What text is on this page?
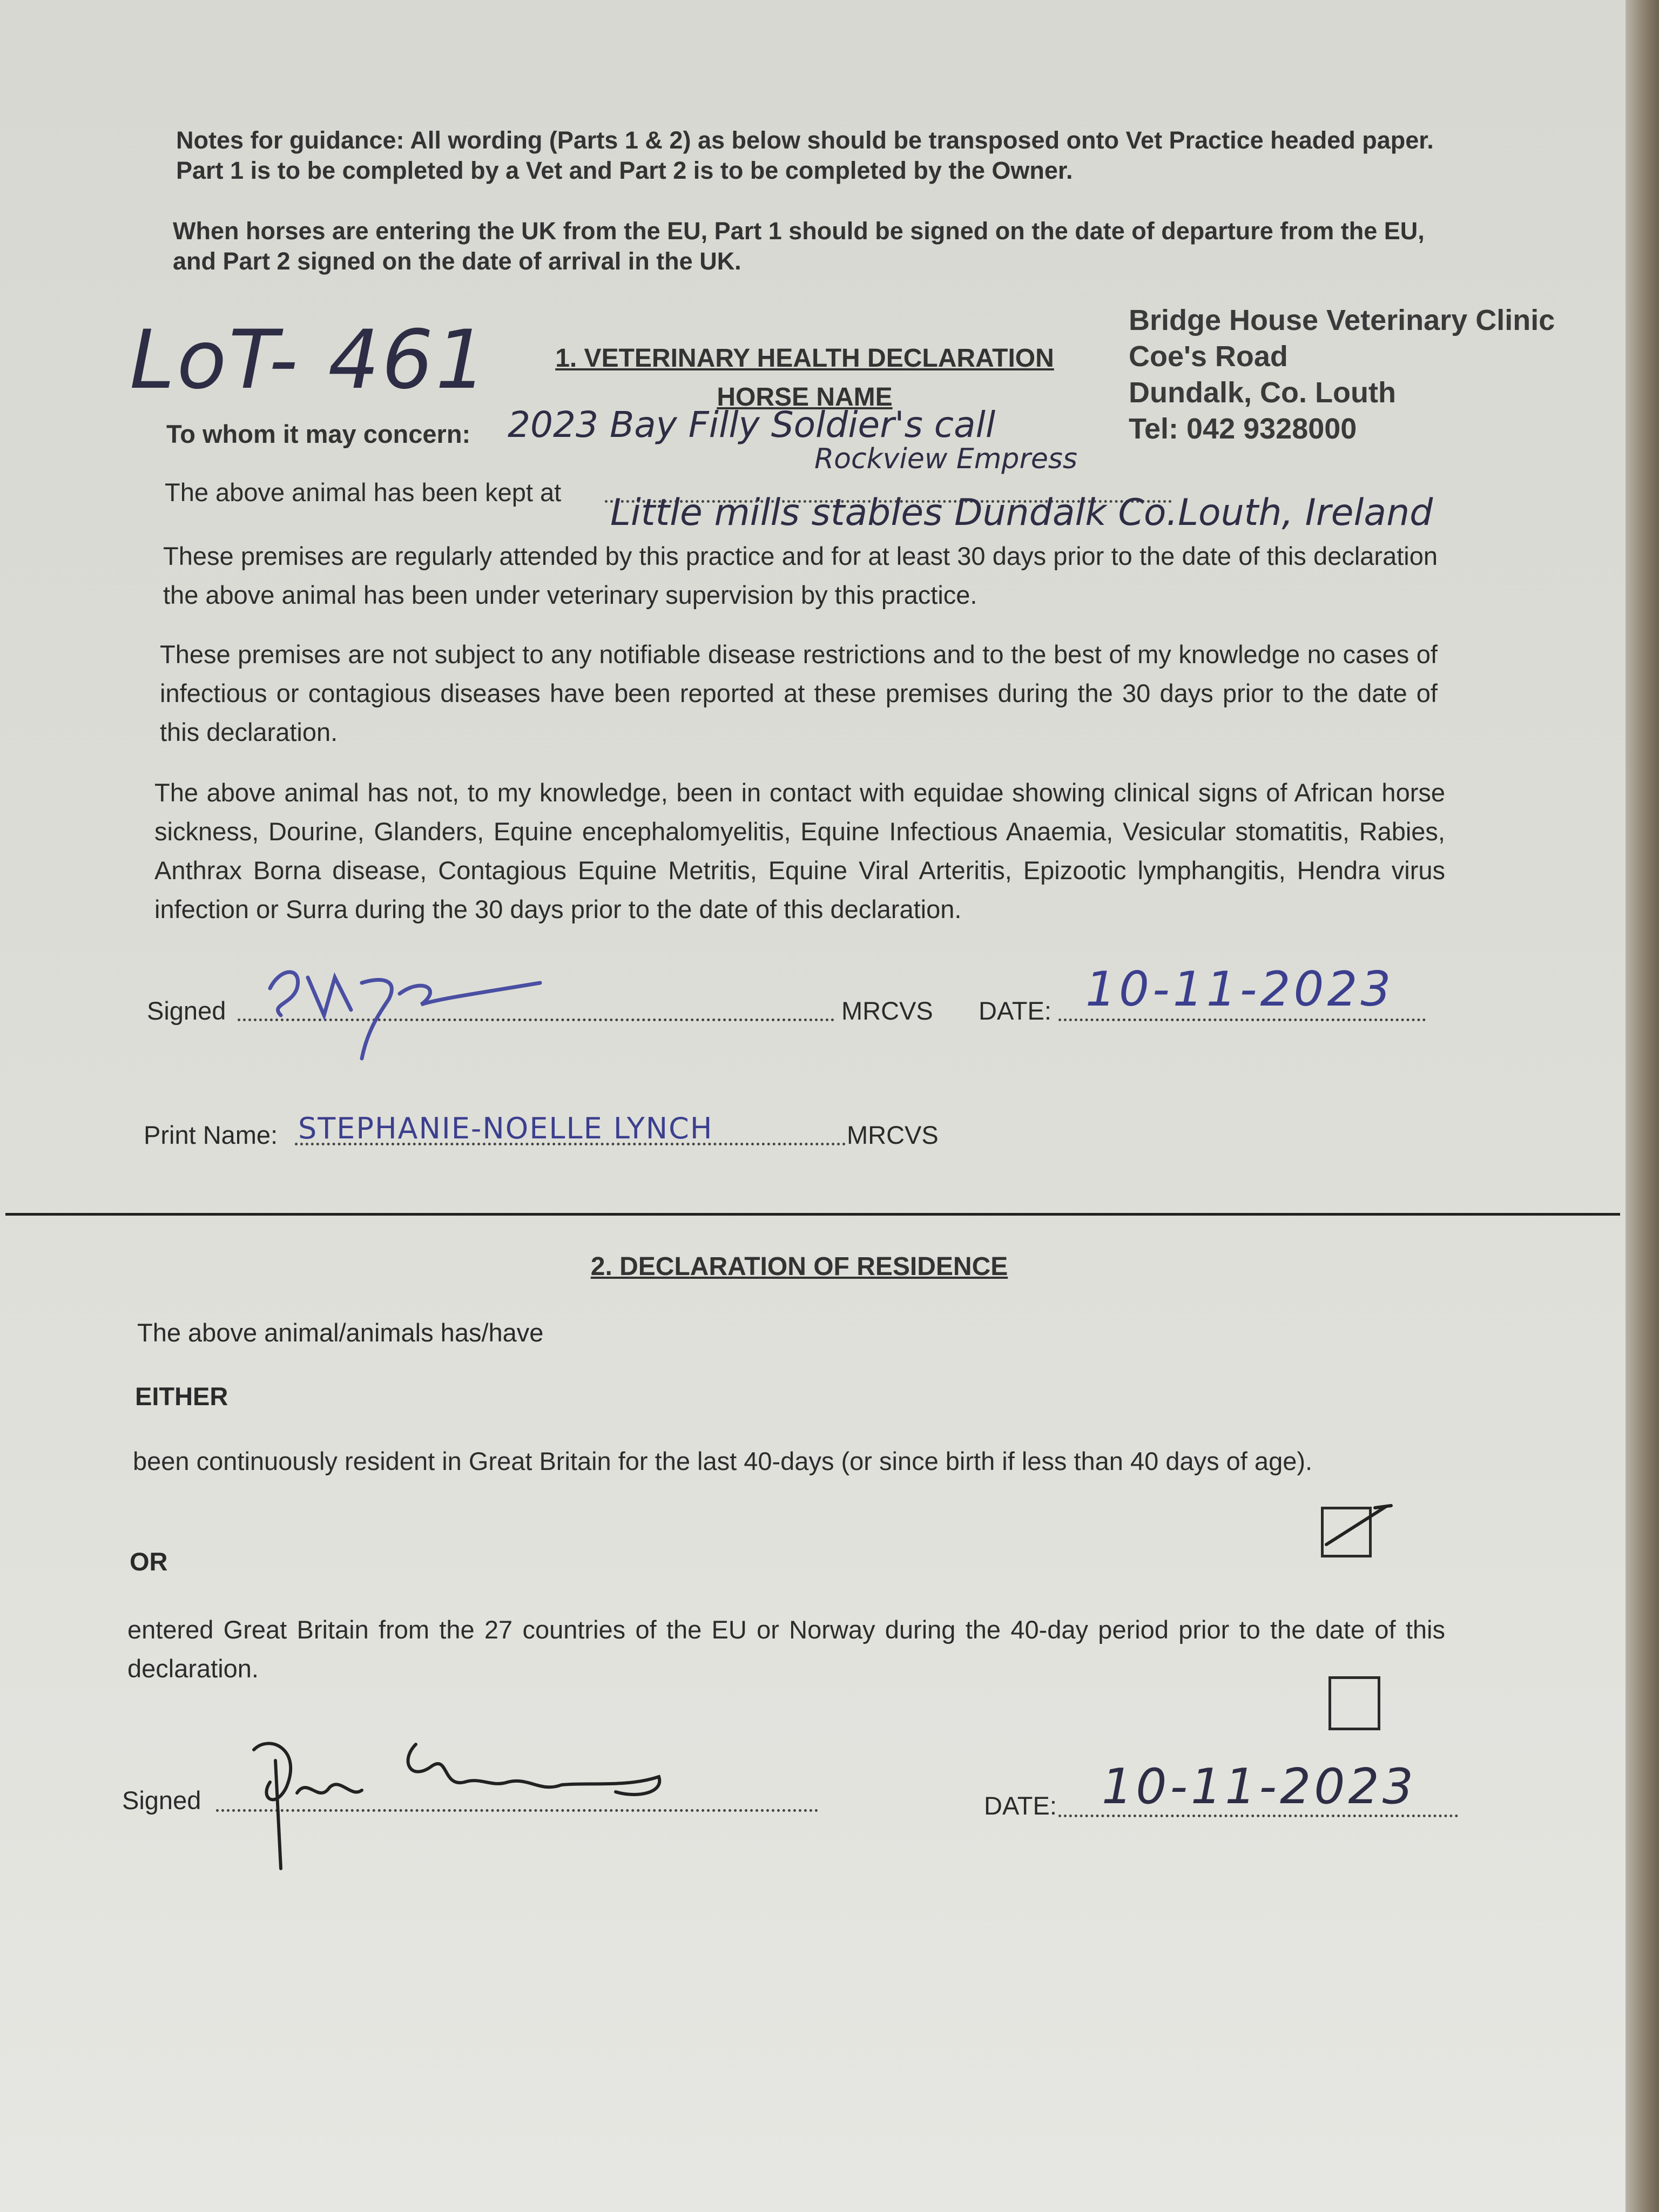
Notes for guidance: All wording (Parts 1 & 2) as below should be transposed onto Vet Practice headed paper. Part 1 is to be completed by a Vet and Part 2 is to be completed by the Owner.
When horses are entering the UK from the EU, Part 1 should be signed on the date of departure from the EU, and Part 2 signed on the date of arrival in the UK.
Bridge House Veterinary Clinic
Coe's Road
Dundalk, Co. Louth
Tel: 042 9328000
LoT- 461	1. VETERINARY HEALTH DECLARATION
HORSE NAME
To whom it may concern: 2023 Bay Filly Soldier's call
Rockview Empress
The above animal has been kept at Little mills stables Dundalk Co.Louth, Ireland
These premises are regularly attended by this practice and for at least 30 days prior to the date of this declaration the above animal has been under veterinary supervision by this practice.
These premises are not subject to any notifiable disease restrictions and to the best of my knowledge no cases of infectious or contagious diseases have been reported at these premises during the 30 days prior to the date of this declaration.
The above animal has not, to my knowledge, been in contact with equidae showing clinical signs of African horse sickness, Dourine, Glanders, Equine encephalomyelitis, Equine Infectious Anaemia, Vesicular stomatitis, Rabies, Anthrax Borna disease, Contagious Equine Metritis, Equine Viral Arteritis, Epizootic lymphangitis, Hendra virus infection or Surra during the 30 days prior to the date of this declaration.
Signed	MRCVS DATE: 10-11-2023
Print Name: STEPHANIE-NOELLE LYNCH	MRCVS
2. DECLARATION OF RESIDENCE
The above animal/animals has/have
EITHER
been continuously resident in Great Britain for the last 40-days (or since birth if less than 40 days of age).
OR
entered Great Britain from the 27 countries of the EU or Norway during the 40-day period prior to the date of this declaration.
Signed	DATE: 10-11-2023
